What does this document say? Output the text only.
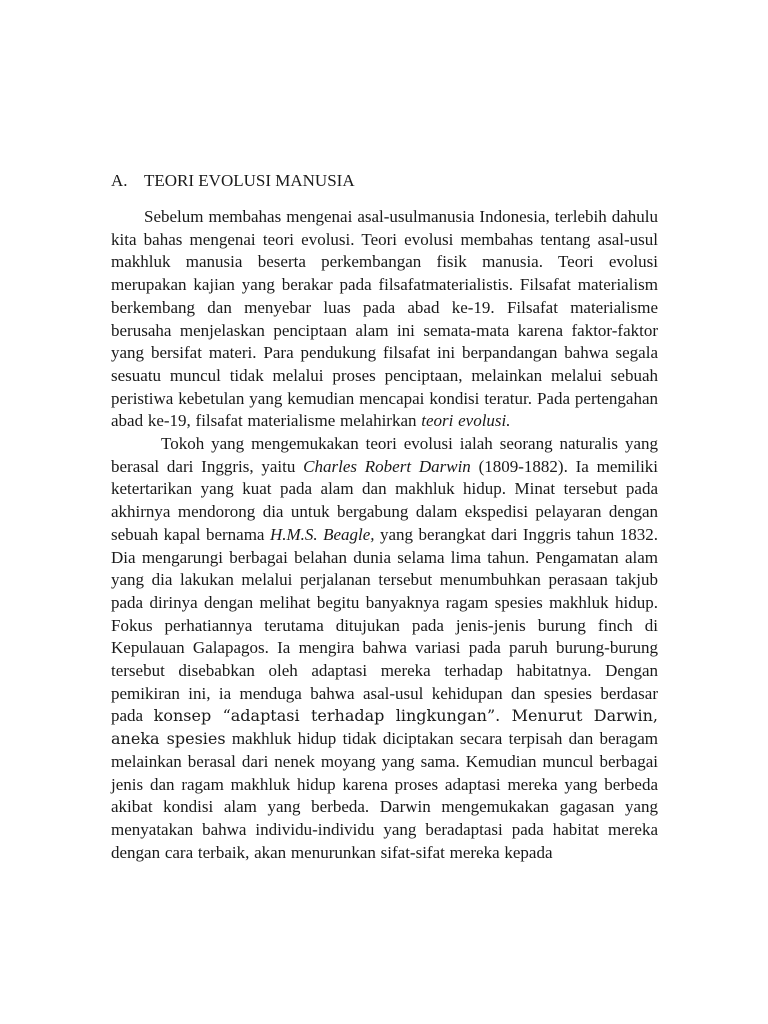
A. TEORI EVOLUSI MANUSIA

Sebelum membahas mengenai asal-usulmanusia Indonesia, terlebih dahulu kita bahas mengenai teori evolusi. Teori evolusi membahas tentang asal-usul makhluk manusia beserta perkembangan fisik manusia. Teori evolusi merupakan kajian yang berakar pada filsafatmaterialistis. Filsafat materialism berkembang dan menyebar luas pada abad ke-19. Filsafat materialisme berusaha menjelaskan penciptaan alam ini semata-mata karena faktor-faktor yang bersifat materi. Para pendukung filsafat ini berpandangan bahwa segala sesuatu muncul tidak melalui proses penciptaan, melainkan melalui sebuah peristiwa kebetulan yang kemudian mencapai kondisi teratur. Pada pertengahan abad ke-19, filsafat materialisme melahirkan teori evolusi.

Tokoh yang mengemukakan teori evolusi ialah seorang naturalis yang berasal dari Inggris, yaitu Charles Robert Darwin (1809-1882). Ia memiliki ketertarikan yang kuat pada alam dan makhluk hidup. Minat tersebut pada akhirnya mendorong dia untuk bergabung dalam ekspedisi pelayaran dengan sebuah kapal bernama H.M.S. Beagle, yang berangkat dari Inggris tahun 1832. Dia mengarungi berbagai belahan dunia selama lima tahun. Pengamatan alam yang dia lakukan melalui perjalanan tersebut menumbuhkan perasaan takjub pada dirinya dengan melihat begitu banyaknya ragam spesies makhluk hidup. Fokus perhatiannya terutama ditujukan pada jenis-jenis burung finch di Kepulauan Galapagos. Ia mengira bahwa variasi pada paruh burung-burung tersebut disebabkan oleh adaptasi mereka terhadap habitatnya. Dengan pemikiran ini, ia menduga bahwa asal-usul kehidupan dan spesies berdasar pada konsep “adaptasi terhadap lingkungan”. Menurut Darwin, aneka spesies makhluk hidup tidak diciptakan secara terpisah dan beragam melainkan berasal dari nenek moyang yang sama. Kemudian muncul berbagai jenis dan ragam makhluk hidup karena proses adaptasi mereka yang berbeda akibat kondisi alam yang berbeda. Darwin mengemukakan gagasan yang menyatakan bahwa individu-individu yang beradaptasi pada habitat mereka dengan cara terbaik, akan menurunkan sifat-sifat mereka kepada
